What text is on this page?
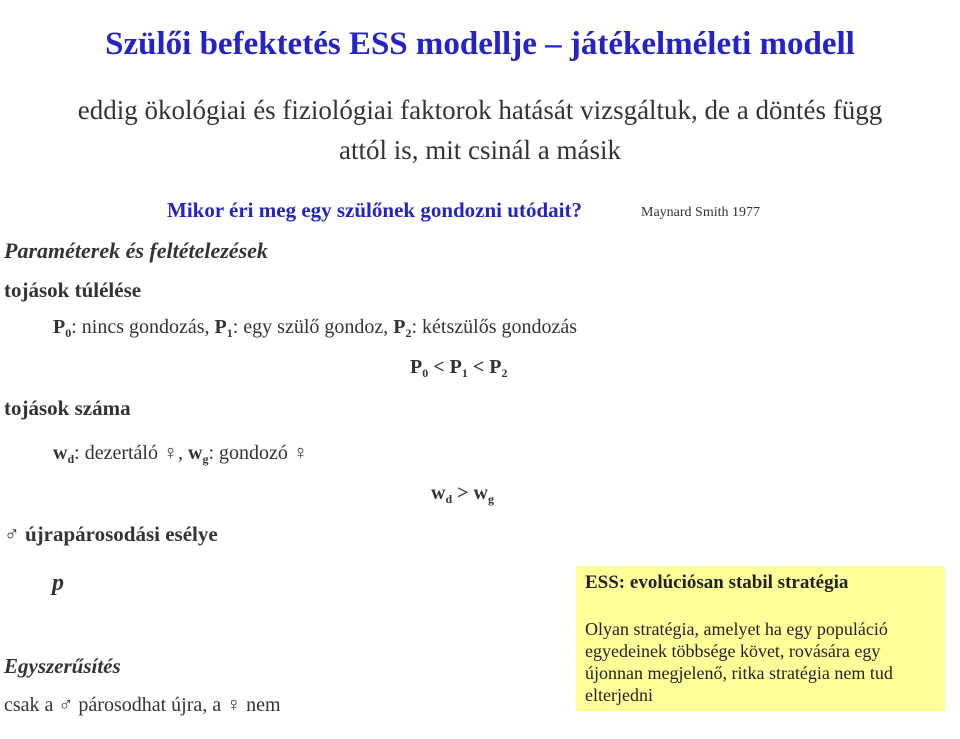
Szülői befektetés ESS modellje – játékelméleti modell
eddig ökológiai és fiziológiai faktorok hatását vizsgáltuk, de a döntés függ
attól is, mit csinál a másik
Mikor éri meg egy szülőnek gondozni utódait?	Maynard Smith 1977
Paraméterek és feltételezések
tojások túlélése
$P_0$: nincs gondozás, $P_1$: egy szülő gondoz, $P_2$: kétszülős gondozás
$P_0 < P_1 < P_2$
tojások száma
$w_d$: dezertáló ♀, $w_g$: gondozó ♀
$w_d > w_g$
♂ újrapárosodási esélye
p
Egyszerűsítés
csak a ♂ párosodhat újra, a ♀ nem
ESS: evolúciósan stabil stratégia
Olyan stratégia, amelyet ha egy populáció egyedeinek többsége követ, rovására egy újonnan megjelenő, ritka stratégia nem tud elterjedni
